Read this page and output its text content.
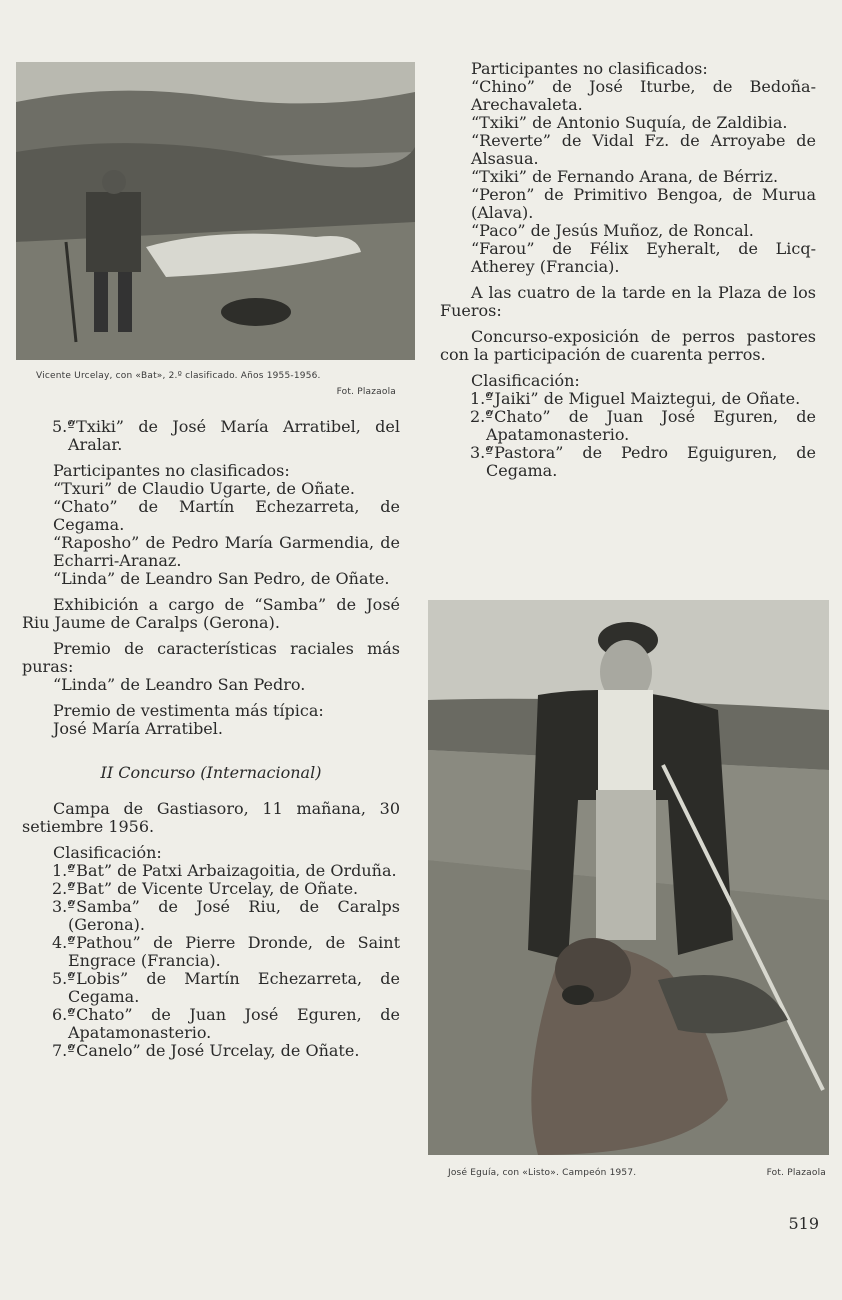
Vicente Urcelay, con «Bat», 2.º clasificado. Años 1955-1956.
Fot. Plazaola
5.º
“Txiki” de José María Arratibel, del Aralar.

Participantes no clasificados:

“Txuri” de Claudio Ugarte, de Oñate.

“Chato” de Martín Echezarreta, de Cegama.

“Raposho” de Pedro María Garmendia, de Echarri-Aranaz.

“Linda” de Leandro San Pedro, de Oñate.

Exhibición a cargo de “Samba” de José Riu Jaume de Caralps (Gerona).

Premio de características raciales más puras:

“Linda” de Leandro San Pedro.

Premio de vestimenta más típica:

José María Arratibel.

II Concurso (Internacional)

Campa de Gastiasoro, 11 mañana, 30 setiembre 1956.

Clasificación:

1.º
“Bat” de Patxi Arbaizagoitia, de Orduña.
2.º
“Bat” de Vicente Urcelay, de Oñate.
3.º
“Samba” de José Riu, de Caralps (Gerona).
4.º
“Pathou” de Pierre Dronde, de Saint Engrace (Francia).
5.º
“Lobis” de Martín Echezarreta, de Cegama.
6.º
“Chato” de Juan José Eguren, de Apatamonasterio.
7.º
“Canelo” de José Urcelay, de Oñate.

Participantes no clasificados:

“Chino” de José Iturbe, de Bedoña-Arechavaleta.

“Txiki” de Antonio Suquía, de Zaldibia.

“Reverte” de Vidal Fz. de Arroyabe de Alsasua.

“Txiki” de Fernando Arana, de Bérriz.

“Peron” de Primitivo Bengoa, de Murua (Alava).

“Paco” de Jesús Muñoz, de Roncal.

“Farou” de Félix Eyheralt, de Licq-Atherey (Francia).

A las cuatro de la tarde en la Plaza de los Fueros:

Concurso-exposición de perros pastores con la participación de cuarenta perros.

Clasificación:

1.º
“Jaiki” de Miguel Maiztegui, de Oñate.
2.º
“Chato” de Juan José Eguren, de Apatamonasterio.
3.º
“Pastora” de Pedro Eguiguren, de Cegama.
José Eguía, con «Listo». Campeón 1957.	Fot. Plazaola
519
